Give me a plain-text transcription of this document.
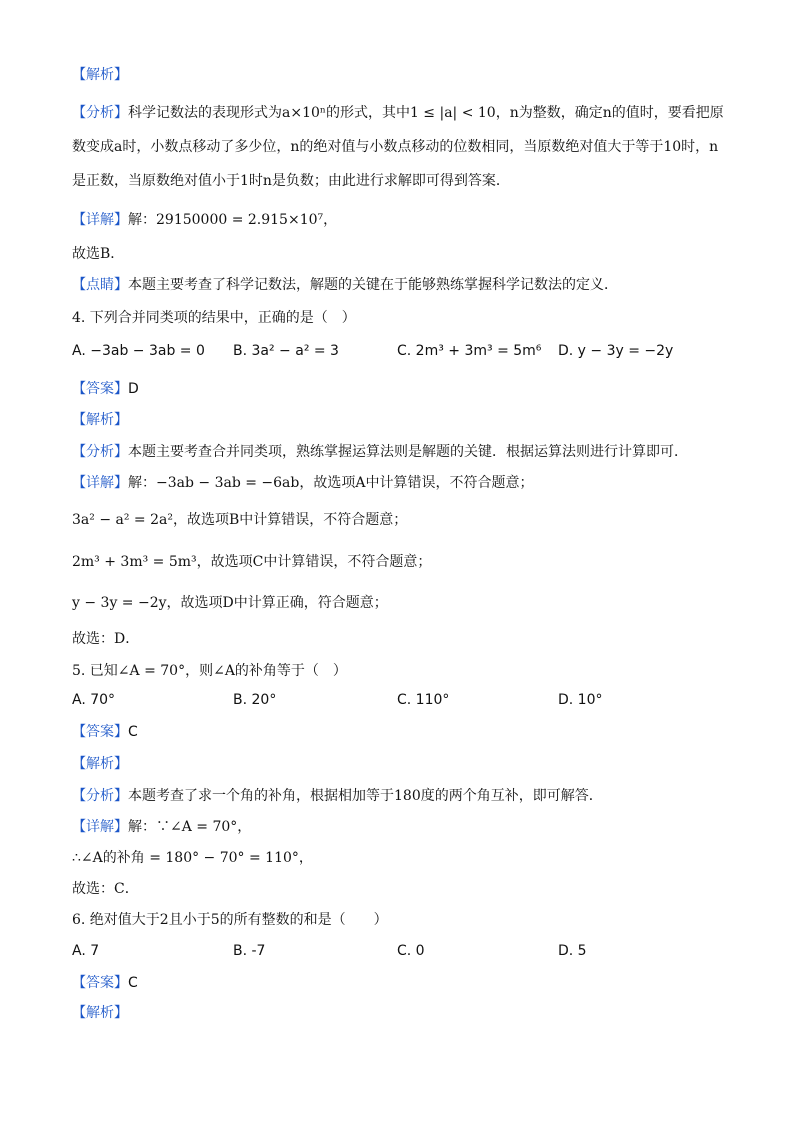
【解析】
【分析】科学记数法的表现形式为a×10ⁿ的形式，其中1 ≤ |a| < 10，n为整数，确定n的值时，要看把原数变成a时，小数点移动了多少位，n的绝对值与小数点移动的位数相同，当原数绝对值大于等于10时，n是正数，当原数绝对值小于1时n是负数；由此进行求解即可得到答案．
【详解】解：29150000 = 2.915×10⁷，
故选B．
【点睛】本题主要考查了科学记数法，解题的关键在于能够熟练掌握科学记数法的定义．
4. 下列合并同类项的结果中，正确的是（　）
A. −3ab − 3ab = 0 B. 3a² − a² = 3	C. 2m³ + 3m³ = 5m⁶ D. y − 3y = −2y
【答案】D
【解析】
【分析】本题主要考查合并同类项，熟练掌握运算法则是解题的关键．根据运算法则进行计算即可．
【详解】解：−3ab − 3ab = −6ab，故选项A中计算错误，不符合题意；
3a² − a² = 2a²，故选项B中计算错误，不符合题意；
2m³ + 3m³ = 5m³，故选项C中计算错误，不符合题意；
y − 3y = −2y，故选项D中计算正确，符合题意；
故选：D．
5. 已知∠A = 70°，则∠A的补角等于（　）
A. 70°	B. 20°	C. 110°	D. 10°
【答案】C
【解析】
【分析】本题考查了求一个角的补角，根据相加等于180度的两个角互补，即可解答．
【详解】解：∵∠A = 70°，
∴∠A的补角 = 180° − 70° = 110°，
故选：C．
6. 绝对值大于2且小于5的所有整数的和是（　　）
A. 7	B. -7	C. 0	D. 5
【答案】C
【解析】
